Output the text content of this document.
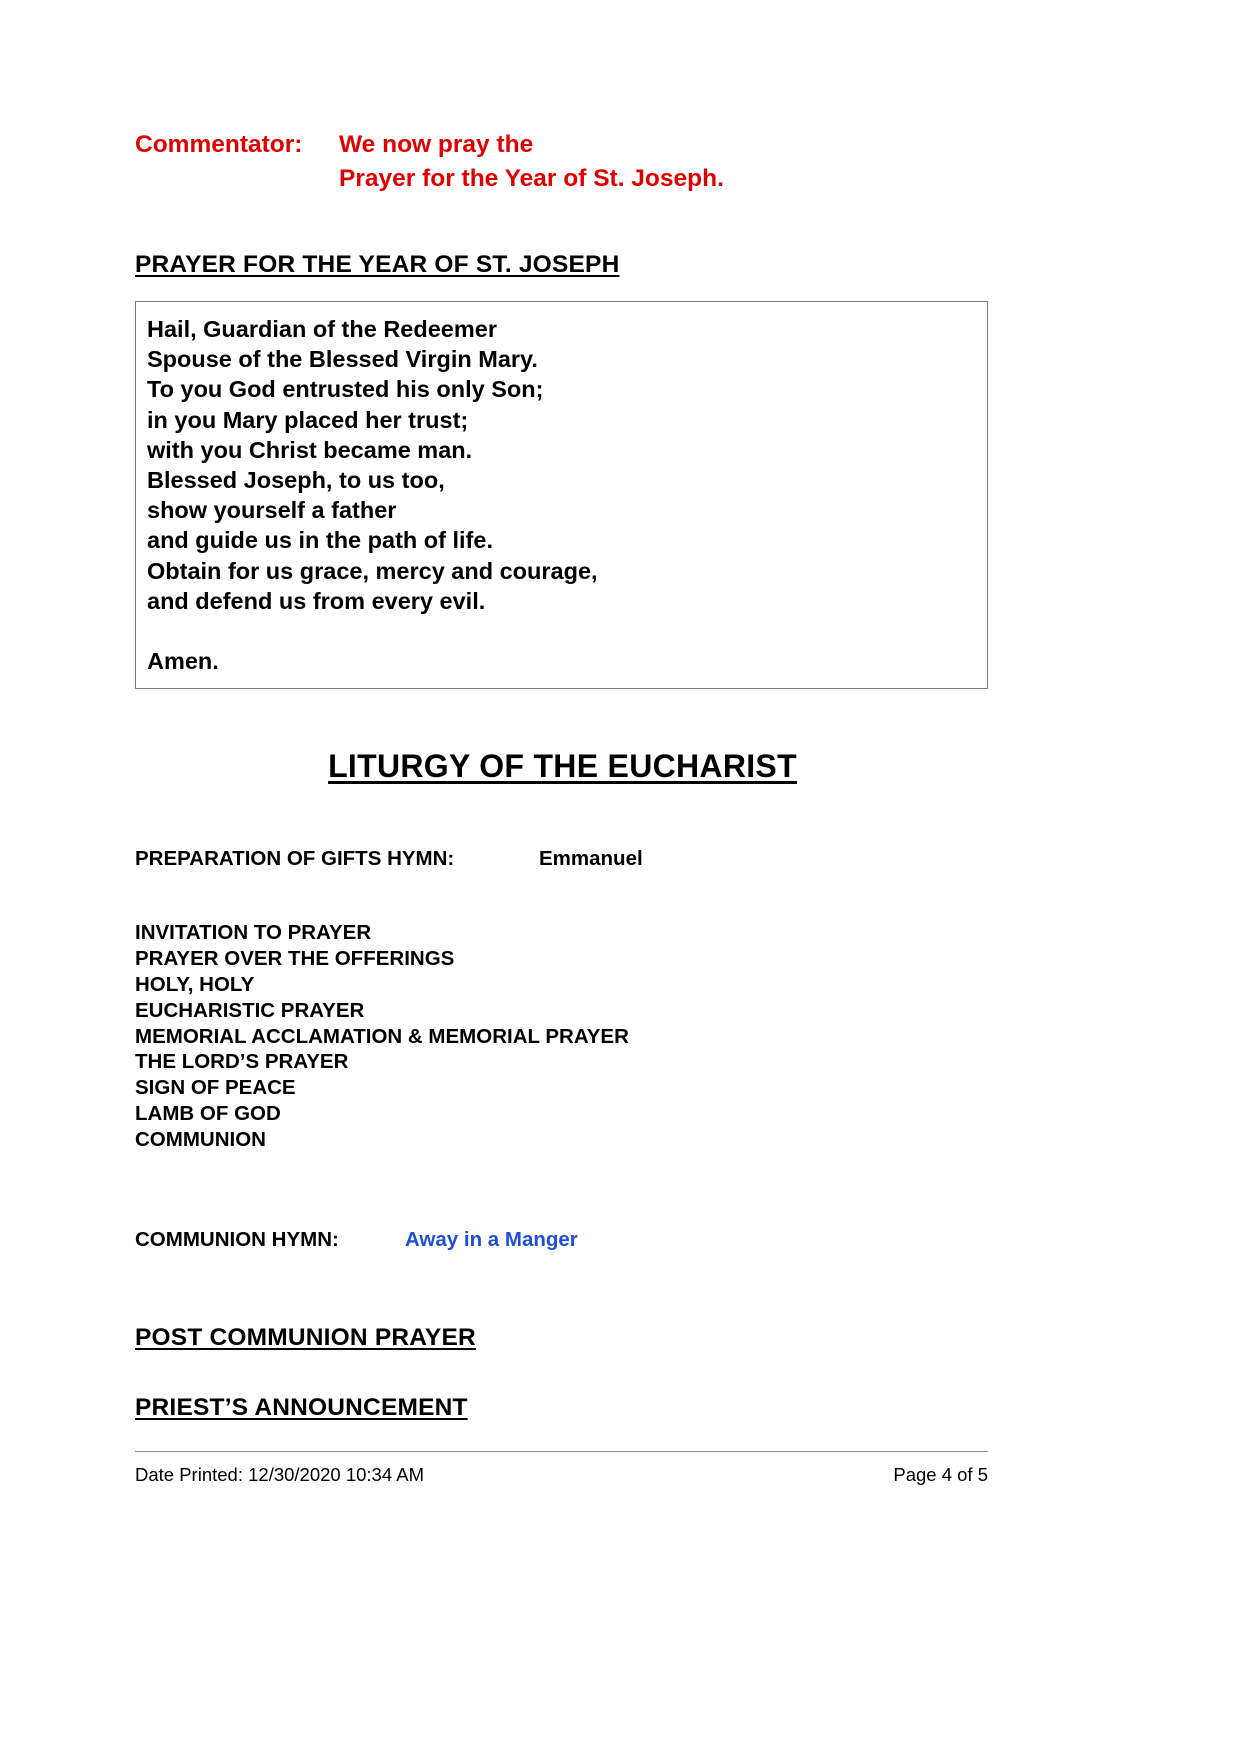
Commentator:	We now pray the
Prayer for the Year of St. Joseph.
PRAYER FOR THE YEAR OF ST. JOSEPH
Hail, Guardian of the Redeemer
Spouse of the Blessed Virgin Mary.
To you God entrusted his only Son;
in you Mary placed her trust;
with you Christ became man.
Blessed Joseph, to us too,
show yourself a father
and guide us in the path of life.
Obtain for us grace, mercy and courage,
and defend us from every evil.
Amen.
LITURGY OF THE EUCHARIST
PREPARATION OF GIFTS HYMN:	Emmanuel
INVITATION TO PRAYER
PRAYER OVER THE OFFERINGS
HOLY, HOLY
EUCHARISTIC PRAYER
MEMORIAL ACCLAMATION & MEMORIAL PRAYER
THE LORD’S PRAYER
SIGN OF PEACE
LAMB OF GOD
COMMUNION
COMMUNION HYMN:	Away in a Manger
POST COMMUNION PRAYER
PRIEST’S ANNOUNCEMENT
Date Printed: 12/30/2020 10:34 AM	Page 4 of 5
